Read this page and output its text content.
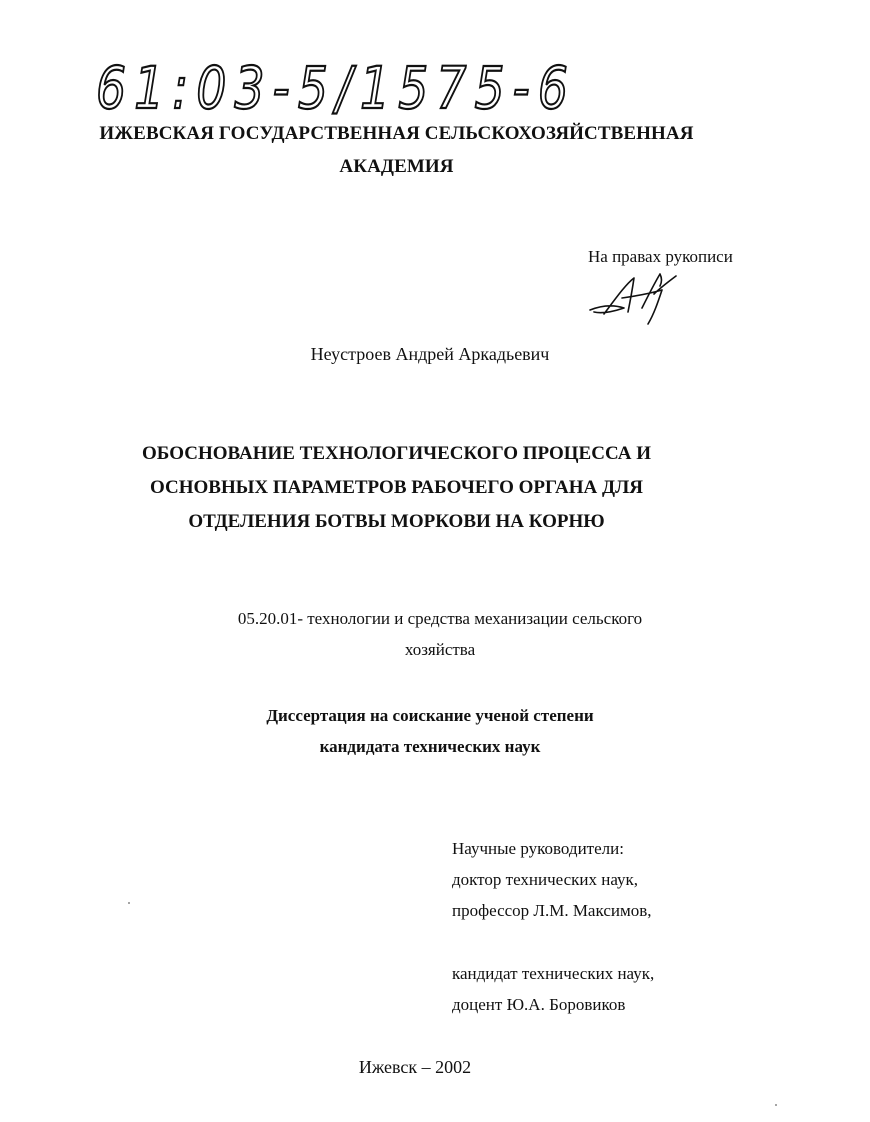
61:03-5/1575-6
ИЖЕВСКАЯ ГОСУДАРСТВЕННАЯ СЕЛЬСКОХОЗЯЙСТВЕННАЯ
АКАДЕМИЯ
На правах рукописи
Неустроев Андрей Аркадьевич
ОБОСНОВАНИЕ ТЕХНОЛОГИЧЕСКОГО ПРОЦЕССА И
ОСНОВНЫХ ПАРАМЕТРОВ РАБОЧЕГО ОРГАНА ДЛЯ
ОТДЕЛЕНИЯ БОТВЫ МОРКОВИ НА КОРНЮ
05.20.01- технологии и средства механизации сельского
хозяйства
Диссертация на соискание ученой степени
кандидата технических наук
Научные руководители:
доктор технических наук,
профессор Л.М. Максимов,
кандидат технических наук,
доцент Ю.А. Боровиков
Ижевск – 2002
